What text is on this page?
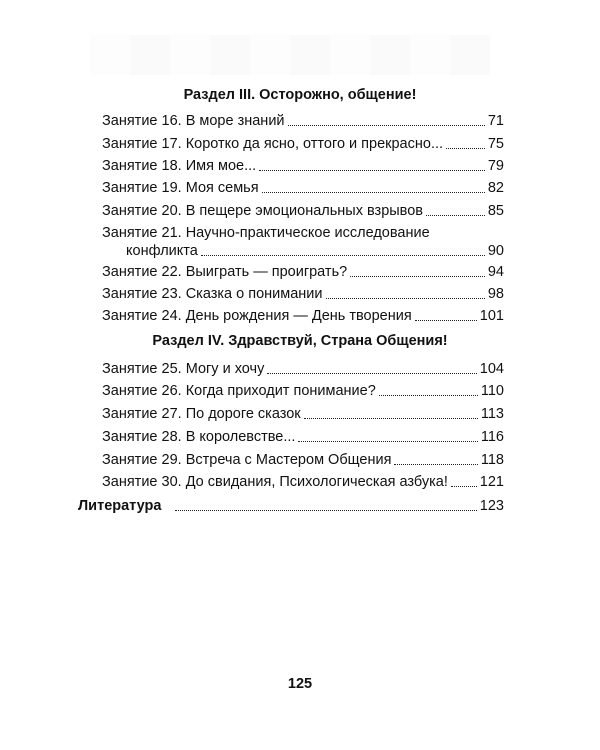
Раздел III. Осторожно, общение!
Занятие 16. В море знаний	71
Занятие 17. Коротко да ясно, оттого и прекрасно...	75
Занятие 18. Имя мое...	79
Занятие 19. Моя семья	82
Занятие 20. В пещере эмоциональных взрывов	85
Занятие 21. Научно-практическое исследование
конфликта	90
Занятие 22. Выиграть — проиграть?	94
Занятие 23. Сказка о понимании	98
Занятие 24. День рождения — День творения	101
Раздел IV. Здравствуй, Страна Общения!
Занятие 25. Могу и хочу	104
Занятие 26. Когда приходит понимание?	110
Занятие 27. По дороге сказок	113
Занятие 28. В королевстве...	116
Занятие 29. Встреча с Мастером Общения	118
Занятие 30. До свидания, Психологическая азбука! 121
Литература	123
125
